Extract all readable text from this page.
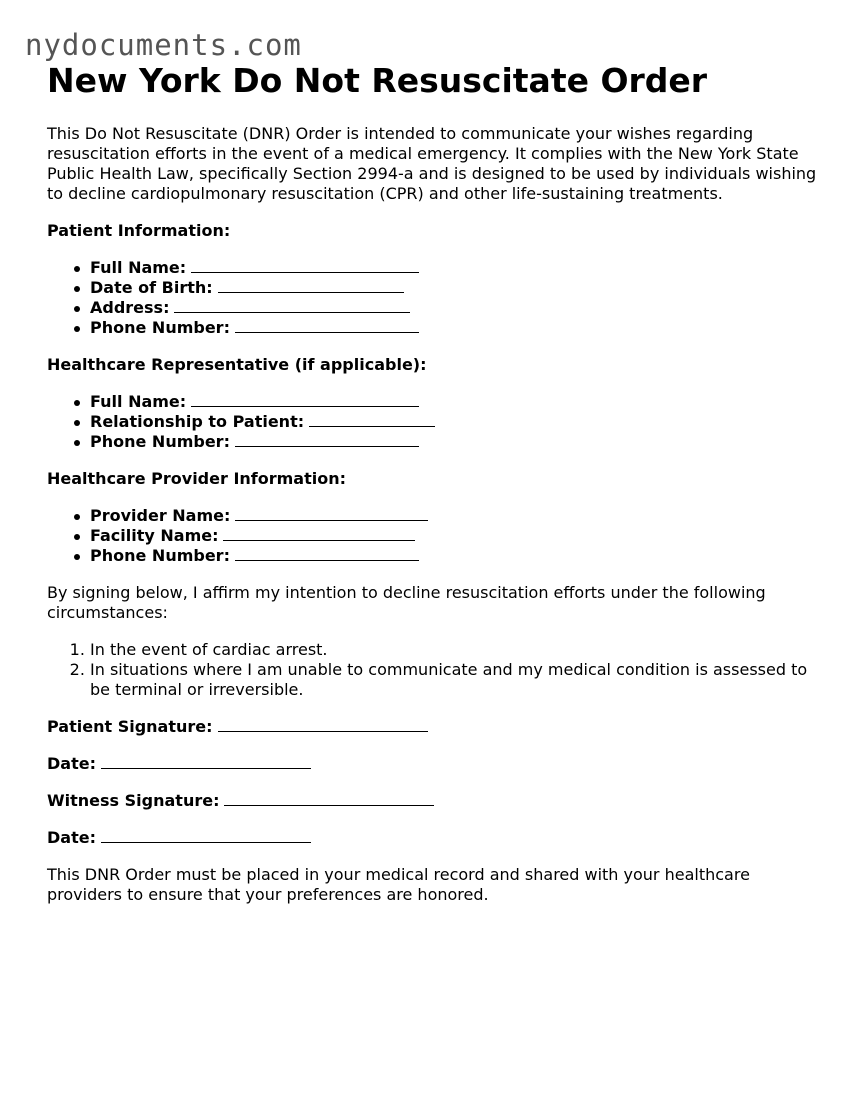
nydocuments.com
New York Do Not Resuscitate Order

This Do Not Resuscitate (DNR) Order is intended to communicate your wishes regarding resuscitation efforts in the event of a medical emergency. It complies with the New York State Public Health Law, specifically Section 2994-a and is designed to be used by individuals wishing to decline cardiopulmonary resuscitation (CPR) and other life-sustaining treatments.

Patient Information:

Full Name:
Date of Birth:
Address:
Phone Number:

Healthcare Representative (if applicable):

Full Name:
Relationship to Patient:
Phone Number:

Healthcare Provider Information:

Provider Name:
Facility Name:
Phone Number:

By signing below, I affirm my intention to decline resuscitation efforts under the following circumstances:

1. In the event of cardiac arrest.
2. In situations where I am unable to communicate and my medical condition is assessed to be terminal or irreversible.

Patient Signature:

Date:

Witness Signature:

Date:

This DNR Order must be placed in your medical record and shared with your healthcare providers to ensure that your preferences are honored.
